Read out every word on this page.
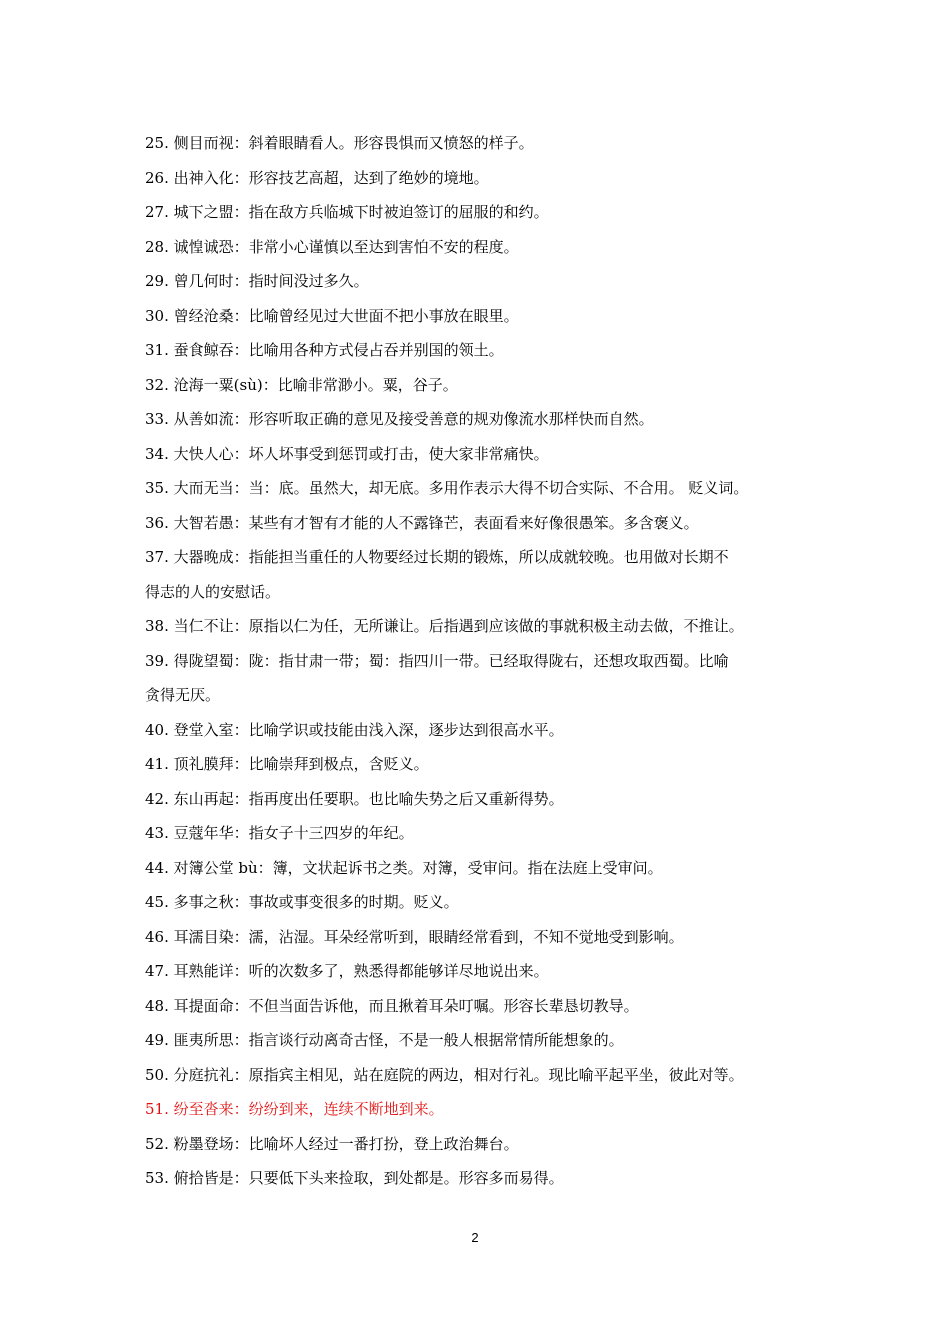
25. 侧目而视：斜着眼睛看人。形容畏惧而又愤怒的样子。
26. 出神入化：形容技艺高超，达到了绝妙的境地。
27. 城下之盟：指在敌方兵临城下时被迫签订的屈服的和约。
28. 诚惶诚恐：非常小心谨慎以至达到害怕不安的程度。
29. 曾几何时：指时间没过多久。
30. 曾经沧桑：比喻曾经见过大世面不把小事放在眼里。
31. 蚕食鲸吞：比喻用各种方式侵占吞并别国的领土。
32. 沧海一粟(sù)：比喻非常渺小。粟，谷子。
33. 从善如流：形容听取正确的意见及接受善意的规劝像流水那样快而自然。
34. 大快人心：坏人坏事受到惩罚或打击，使大家非常痛快。
35. 大而无当：当：底。虽然大，却无底。多用作表示大得不切合实际、不合用。 贬义词。
36. 大智若愚：某些有才智有才能的人不露锋芒，表面看来好像很愚笨。多含褒义。
37. 大器晚成：指能担当重任的人物要经过长期的锻炼，所以成就较晚。也用做对长期不
得志的人的安慰话。
38. 当仁不让：原指以仁为任，无所谦让。后指遇到应该做的事就积极主动去做，不推让。
39. 得陇望蜀：陇：指甘肃一带；蜀：指四川一带。已经取得陇右，还想攻取西蜀。比喻
贪得无厌。
40. 登堂入室：比喻学识或技能由浅入深，逐步达到很高水平。
41. 顶礼膜拜：比喻崇拜到极点，含贬义。
42. 东山再起：指再度出任要职。也比喻失势之后又重新得势。
43. 豆蔻年华：指女子十三四岁的年纪。
44. 对簿公堂 bù：簿，文状起诉书之类。对簿，受审问。指在法庭上受审问。
45. 多事之秋：事故或事变很多的时期。贬义。
46. 耳濡目染：濡，沾湿。耳朵经常听到，眼睛经常看到，不知不觉地受到影响。
47. 耳熟能详：听的次数多了，熟悉得都能够详尽地说出来。
48. 耳提面命：不但当面告诉他，而且揪着耳朵叮嘱。形容长辈恳切教导。
49. 匪夷所思：指言谈行动离奇古怪，不是一般人根据常情所能想象的。
50. 分庭抗礼：原指宾主相见，站在庭院的两边，相对行礼。现比喻平起平坐，彼此对等。
51. 纷至沓来：纷纷到来，连续不断地到来。
52. 粉墨登场：比喻坏人经过一番打扮，登上政治舞台。
53. 俯拾皆是：只要低下头来捡取，到处都是。形容多而易得。
2
